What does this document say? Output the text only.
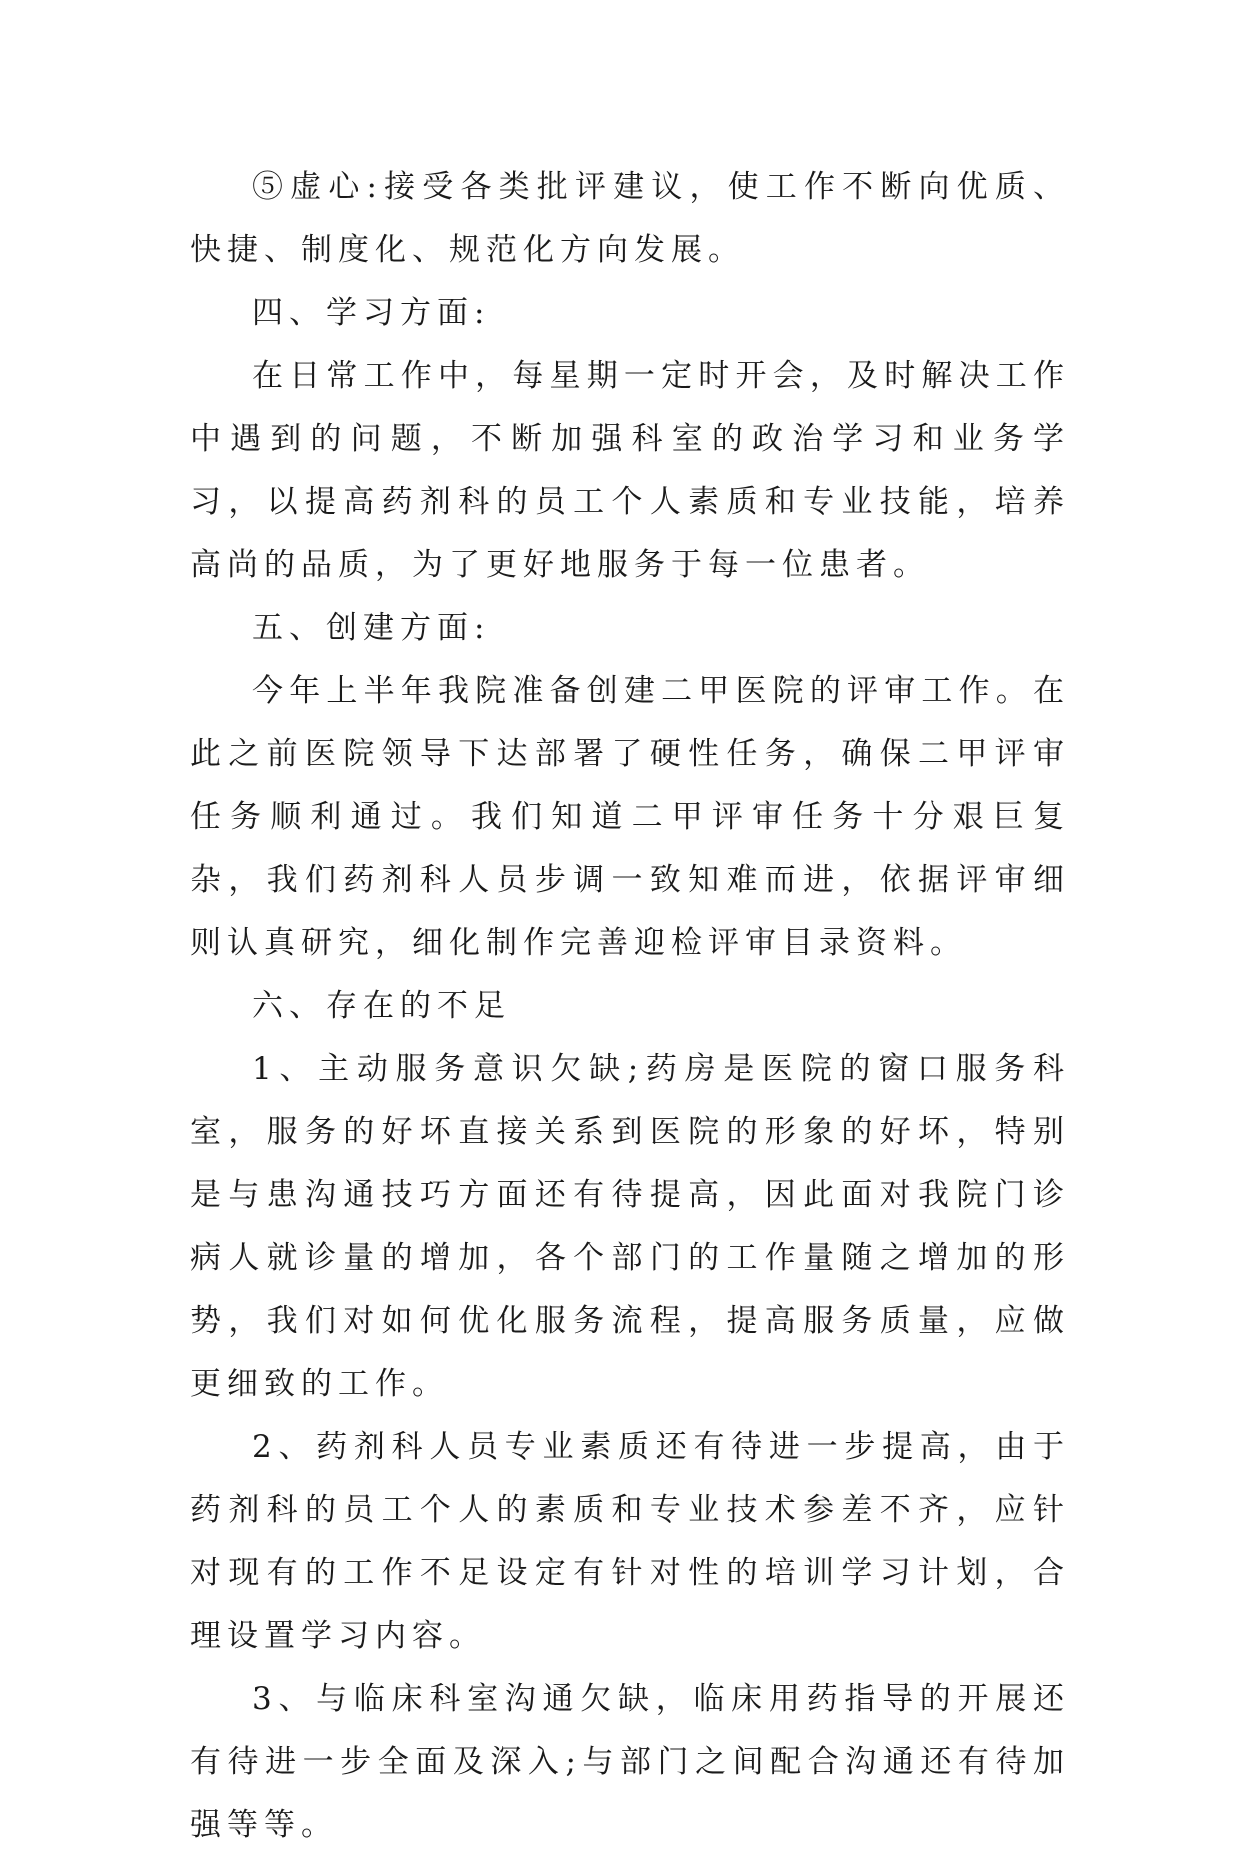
⑤虚心:接受各类批评建议，使工作不断向优质、快捷、制度化、规范化方向发展。

四、学习方面:

在日常工作中，每星期一定时开会，及时解决工作中遇到的问题，不断加强科室的政治学习和业务学习，以提高药剂科的员工个人素质和专业技能，培养高尚的品质，为了更好地服务于每一位患者。

五、创建方面:

今年上半年我院准备创建二甲医院的评审工作。在此之前医院领导下达部署了硬性任务，确保二甲评审任务顺利通过。我们知道二甲评审任务十分艰巨复杂，我们药剂科人员步调一致知难而进，依据评审细则认真研究，细化制作完善迎检评审目录资料。

六、存在的不足

1、主动服务意识欠缺;药房是医院的窗口服务科室，服务的好坏直接关系到医院的形象的好坏，特别是与患沟通技巧方面还有待提高，因此面对我院门诊病人就诊量的增加，各个部门的工作量随之增加的形势，我们对如何优化服务流程，提高服务质量，应做更细致的工作。

2、药剂科人员专业素质还有待进一步提高，由于药剂科的员工个人的素质和专业技术参差不齐，应针对现有的工作不足设定有针对性的培训学习计划，合理设置学习内容。

3、与临床科室沟通欠缺，临床用药指导的开展还有待进一步全面及深入;与部门之间配合沟通还有待加强等等。
